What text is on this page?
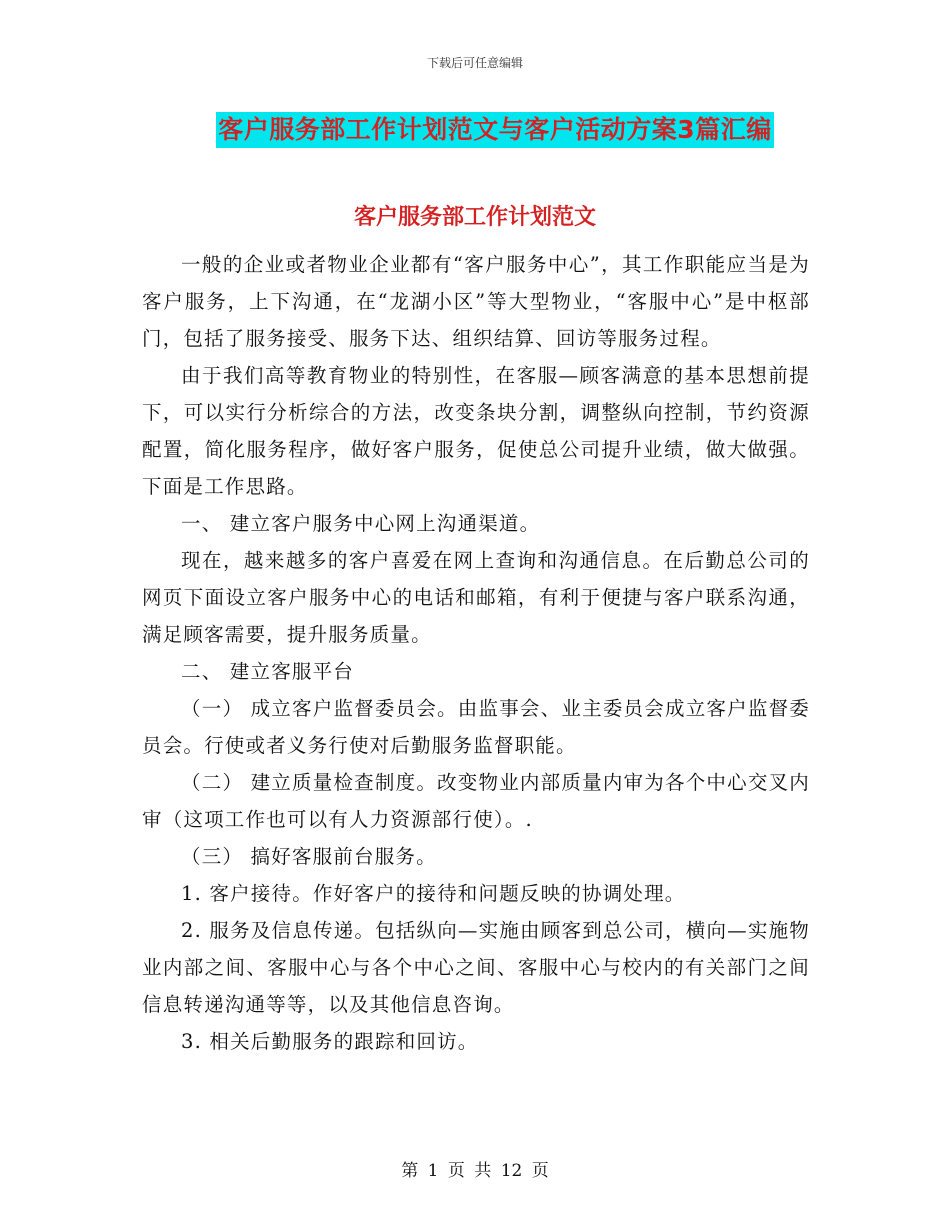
下载后可任意编辑
客户服务部工作计划范文与客户活动方案3篇汇编
客户服务部工作计划范文

一般的企业或者物业企业都有“客户服务中心”，其工作职能应当是为客户服务，上下沟通，在“龙湖小区”等大型物业，“客服中心”是中枢部门，包括了服务接受、服务下达、组织结算、回访等服务过程。

由于我们高等教育物业的特别性，在客服—顾客满意的基本思想前提下，可以实行分析综合的方法，改变条块分割，调整纵向控制，节约资源配置，简化服务程序，做好客户服务，促使总公司提升业绩，做大做强。下面是工作思路。

一、 建立客户服务中心网上沟通渠道。

现在，越来越多的客户喜爱在网上查询和沟通信息。在后勤总公司的网页下面设立客户服务中心的电话和邮箱，有利于便捷与客户联系沟通，满足顾客需要，提升服务质量。

二、 建立客服平台

（一） 成立客户监督委员会。由监事会、业主委员会成立客户监督委员会。行使或者义务行使对后勤服务监督职能。

（二） 建立质量检查制度。改变物业内部质量内审为各个中心交叉内审（这项工作也可以有人力资源部行使）。.

（三） 搞好客服前台服务。

1. 客户接待。作好客户的接待和问题反映的协调处理。

2. 服务及信息传递。包括纵向—实施由顾客到总公司，横向—实施物业内部之间、客服中心与各个中心之间、客服中心与校内的有关部门之间信息转递沟通等等，以及其他信息咨询。

3. 相关后勤服务的跟踪和回访。

第 1 页 共 12 页
